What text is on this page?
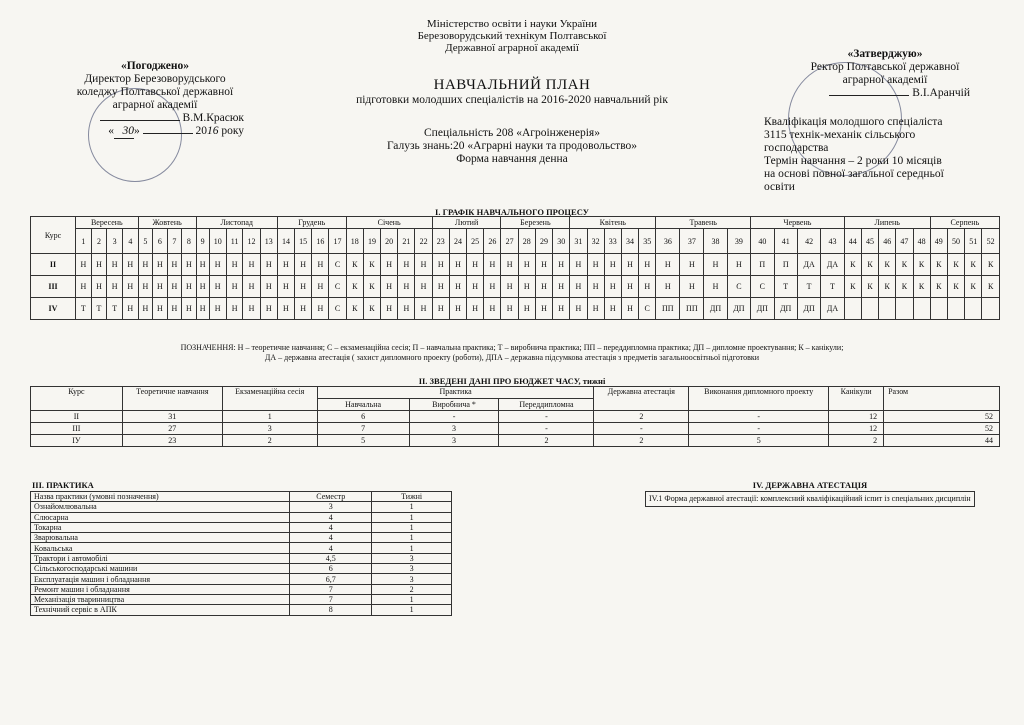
Міністерство освіти і науки України
Березоворудський технікум Полтавської
Державної аграрної академії
НАВЧАЛЬНИЙ ПЛАН
підготовки молодших спеціалістів на 2016-2020 навчальний рік
Спеціальність 208 «Агроінженерія»
Галузь знань:20 «Аграрні науки та продовольство»
Форма навчання денна
«Погоджено»
Директор Березоворудського
коледжу Полтавської державної
аграрної академії
В.М.Красюк
« 30»	2016 року
«Затверджую»
Ректор Полтавської державної
аграрної академії
В.І.Аранчій
Кваліфікація молодшого спеціаліста
3115 технік-механік сільського
господарства
Термін навчання – 2 роки 10 місяців
на основі повної загальної середньої
освіти
І. ГРАФІК НАВЧАЛЬНОГО ПРОЦЕСУ
Курс	Вересень				Жовтень				Листопад					Грудень				Січень					Лютий				Березень				Квітень					Травень				Червень				Липень					Серпень			
	1	2	3	4	5	6	7	8	9	10	11	12	13	14	15	16	17	18	19	20	21	22	23	24	25	26	27	28	29	30	31	32	33	34	35	36	37	38	39	40	41	42	43	44	45	46	47	48	49	50	51	52
ІІ	Н	Н	Н	Н	Н	Н	Н	Н	Н	Н	Н	Н	Н	Н	Н	Н	С	К	К	Н	Н	Н	Н	Н	Н	Н	Н	Н	Н	Н	Н	Н	Н	Н	Н	Н	Н	Н	Н	П	П	ДА	ДА	К	К	К	К	К	К	К	К	К
ІІІ	Н	Н	Н	Н	Н	Н	Н	Н	Н	Н	Н	Н	Н	Н	Н	Н	С	К	К	Н	Н	Н	Н	Н	Н	Н	Н	Н	Н	Н	Н	Н	Н	Н	Н	Н	Н	Н	С	С	Т	Т	Т	К	К	К	К	К	К	К	К	К
IV	Т	Т	Т	Н	Н	Н	Н	Н	Н	Н	Н	Н	Н	Н	Н	Н	С	К	К	Н	Н	Н	Н	Н	Н	Н	Н	Н	Н	Н	Н	Н	Н	Н	С	ПП	ПП	ДП	ДП	ДП	ДП	ДП	ДА									
ПОЗНАЧЕННЯ: Н – теоретичне навчання; С – екзаменаційна сесія; П – навчальна практика; Т – виробнича практика; ПП – переддипломна практика; ДП – дипломне проектування; К – канікули;
ДА – державна атестація ( захист дипломного проекту (роботи), ДПА – державна підсумкова атестація з предметів загальноосвітньої підготовки
ІІ. ЗВЕДЕНІ ДАНІ ПРО БЮДЖЕТ ЧАСУ, тижні
Курс	Теоретичне навчання	Екзаменаційна сесія	Практика			Державна атестація	Виконання дипломного проекту	Канікули	Разом
			Навчальна	Виробнича *	Переддипломна				
ІІ	31	1	6	-	-	2	-	12	52
ІІІ	27	3	7	3	-	-	-	12	52
ІУ	23	2	5	3	2	2	5	2	44
ІІІ. ПРАКТИКА
Назва практики (умовні позначення)	Семестр	Тижні
Ознайомлювальна	3	1
Слюсарна	4	1
Токарна	4	1
Зварювальна	4	1
Ковальська	4	1
Трактори і автомобілі	4,5	3
Сільськогосподарські машини	6	3
Експлуатація машин і обладнання	6,7	3
Ремонт машин і обладнання	7	2
Механізація тваринництва	7	1
Технічний сервіс в АПК	8	1
IV. ДЕРЖАВНА АТЕСТАЦІЯ
IV.1 Форма державної атестації: комплексний кваліфікаційний іспит із спеціальних дисциплін
